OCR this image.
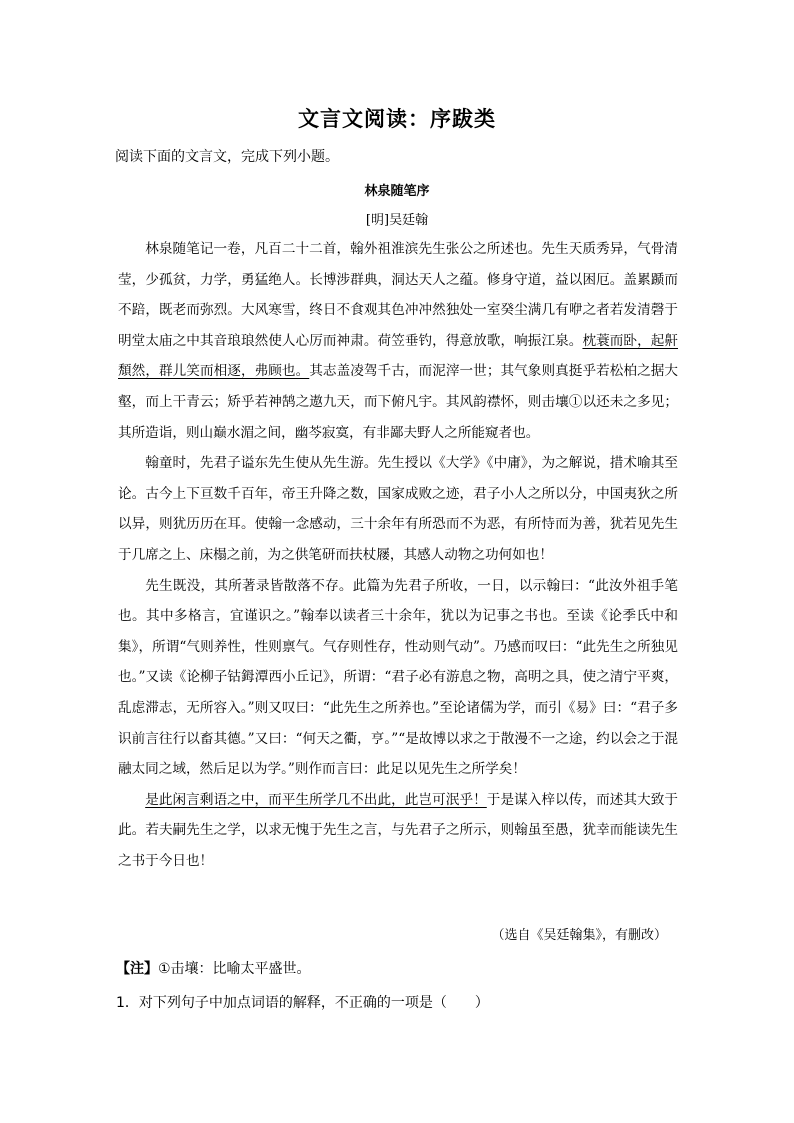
文言文阅读：序跋类
阅读下面的文言文，完成下列小题。
林泉随笔序
[明]吴廷翰

林泉随笔记一卷，凡百二十二首，翰外祖淮滨先生张公之所述也。先生天质秀异，气骨清莹，少孤贫，力学，勇猛绝人。长博涉群典，洞达天人之蕴。修身守道，益以困厄。盖累踬而不踣，既老而弥烈。大风寒雪，终日不食观其色冲冲然独处一室癸尘满几有咿之者若发清磬于明堂太庙之中其音琅琅然使人心厉而神肃。荷笠垂钓，得意放歌，响振江泉。枕蓑而卧，起鼾頽然，群儿笑而相逐，弗顾也。其志盖凌驾千古，而泥滓一世；其气象则真挺乎若松柏之据大壑，而上干青云；矫乎若神鹄之遨九天，而下俯凡宇。其风韵襟怀，则击壤①以还未之多见；其所造诣，则山巅水湄之间，幽芩寂寞，有非鄙夫野人之所能窥者也。

翰童时，先君子谥东先生使从先生游。先生授以《大学》《中庸》，为之解说，措术喻其至论。古今上下亘数千百年，帝王升降之数，国家成败之迹，君子小人之所以分，中国夷狄之所以异，则犹历历在耳。使翰一念感动，三十余年有所恐而不为恶，有所恃而为善，犹若见先生于几席之上、床榻之前，为之供笔研而扶杖屦，其感人动物之功何如也！

先生既没，其所著录皆散落不存。此篇为先君子所收，一日，以示翰曰：“此汝外祖手笔也。其中多格言，宜谨识之。”翰奉以读者三十余年，犹以为记事之书也。至读《论季氏中和集》，所谓“气则养性，性则禀气。气存则性存，性动则气动”。乃感而叹曰：“此先生之所独见也。”又读《论柳子钴鉧潭西小丘记》，所谓：“君子必有游息之物，高明之具，使之清宁平爽，乱虑滞志，无所容入。”则又叹曰：“此先生之所养也。”至论诸儒为学，而引《易》曰：“君子多识前言往行以畜其德。”又曰：“何天之衢，亨。”“是故博以求之于散漫不一之途，约以会之于混融太同之域，然后足以为学。”则作而言曰：此足以见先生之所学矣！

是此闲言剩语之中，而平生所学几不出此，此岂可泯乎！于是谋入梓以传，而述其大致于此。若夫嗣先生之学，以求无愧于先生之言，与先君子之所示，则翰虽至愚，犹幸而能读先生之书于今日也！

（选自《吴廷翰集》，有删改）
【注】①击壤：比喻太平盛世。
1．对下列句子中加点词语的解释，不正确的一项是（　　）
